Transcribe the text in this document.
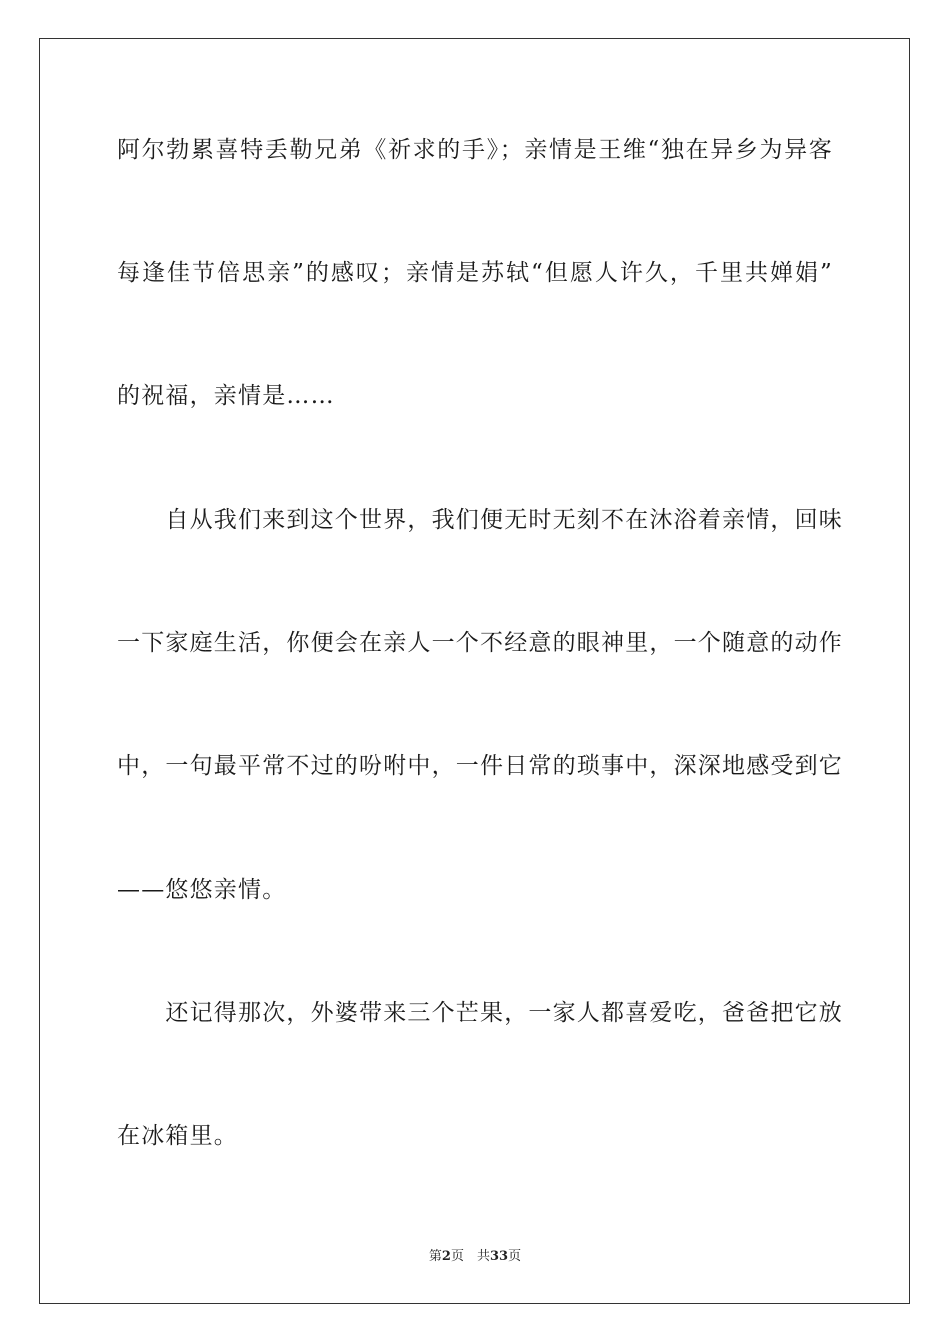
阿尔勃累喜特丢勒兄弟《祈求的手》；亲情是王维“独在异乡为异客
每逢佳节倍思亲”的感叹；亲情是苏轼“但愿人许久，千里共婵娟”
的祝福，亲情是……
　　自从我们来到这个世界，我们便无时无刻不在沐浴着亲情，回味
一下家庭生活，你便会在亲人一个不经意的眼神里，一个随意的动作
中，一句最平常不过的吩咐中，一件日常的琐事中，深深地感受到它
——悠悠亲情。
　　还记得那次，外婆带来三个芒果，一家人都喜爱吃，爸爸把它放
在冰箱里。
第2页　共33页
